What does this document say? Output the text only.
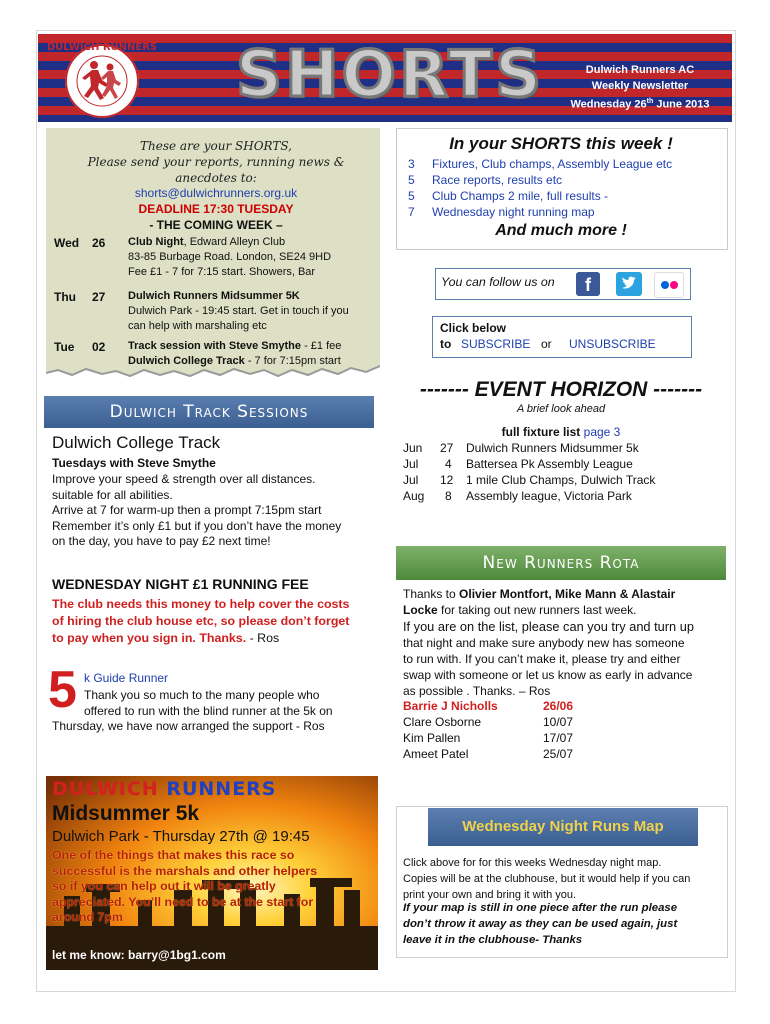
DULWICH RUNNERS SHORTS	Dulwich Runners AC
Weekly Newsletter
Wednesday 26th June 2013
These are your SHORTS,
Please send your reports, running news &
anecdotes to:
shorts@dulwichrunners.org.uk
DEADLINE 17:30 TUESDAY
- THE COMING WEEK –
Wed 26 Club Night, Edward Alleyn Club
83-85 Burbage Road. London, SE24 9HD
Fee £1 - 7 for 7:15 start. Showers, Bar
Thu 27 Dulwich Runners Midsummer 5K
Dulwich Park - 19:45 start. Get in touch if you
can help with marshaling etc
Tue 02 Track session with Steve Smythe - £1 fee
Dulwich College Track - 7 for 7:15pm start
Dulwich Track Sessions
Dulwich College Track
Tuesdays with Steve Smythe
Improve your speed & strength over all distances.
suitable for all abilities.
Arrive at 7 for warm-up then a prompt 7:15pm start
Remember it’s only £1 but if you don’t have the money
on the day, you have to pay £2 next time!
WEDNESDAY NIGHT £1 RUNNING FEE
The club needs this money to help cover the costs
of hiring the club house etc, so please don’t forget
to pay when you sign in. Thanks. - Ros
5 k Guide Runner
Thank you so much to the many people who
offered to run with the blind runner at the 5k on
Thursday, we have now arranged the support - Ros
DULWICH RUNNERS
Midsummer 5k
Dulwich Park - Thursday 27th @ 19:45
One of the things that makes this race so
successful is the marshals and other helpers
so if you can help out it will be greatly
appreciated. You’ll need to be at the start for
around 7pm
let me know: barry@1bg1.com
In your SHORTS this week !
3 Fixtures, Club champs, Assembly League etc
5 Race reports, results etc
5 Club Champs 2 mile, full results -
7 Wednesday night running map
And much more !
You can follow us on	f
Click below
to SUBSCRIBE or UNSUBSCRIBE
------- EVENT HORIZON -------
A brief look ahead
full fixture list page 3
Jun 27 Dulwich Runners Midsummer 5k
Jul 4 Battersea Pk Assembly League
Jul 12 1 mile Club Champs, Dulwich Track
Aug 8 Assembly league, Victoria Park
New Runners Rota
Thanks to Olivier Montfort, Mike Mann & Alastair
Locke for taking out new runners last week.
If you are on the list, please can you try and turn up
that night and make sure anybody new has someone
to run with. If you can’t make it, please try and either
swap with someone or let us know as early in advance
as possible . Thanks. – Ros
Barrie J Nicholls	26/06
Clare Osborne	10/07
Kim Pallen	17/07
Ameet Patel	25/07
Wednesday Night Runs Map
Click above for for this weeks Wednesday night map.
Copies will be at the clubhouse, but it would help if you can
print your own and bring it with you.
If your map is still in one piece after the run please
don’t throw it away as they can be used again, just
leave it in the clubhouse- Thanks
